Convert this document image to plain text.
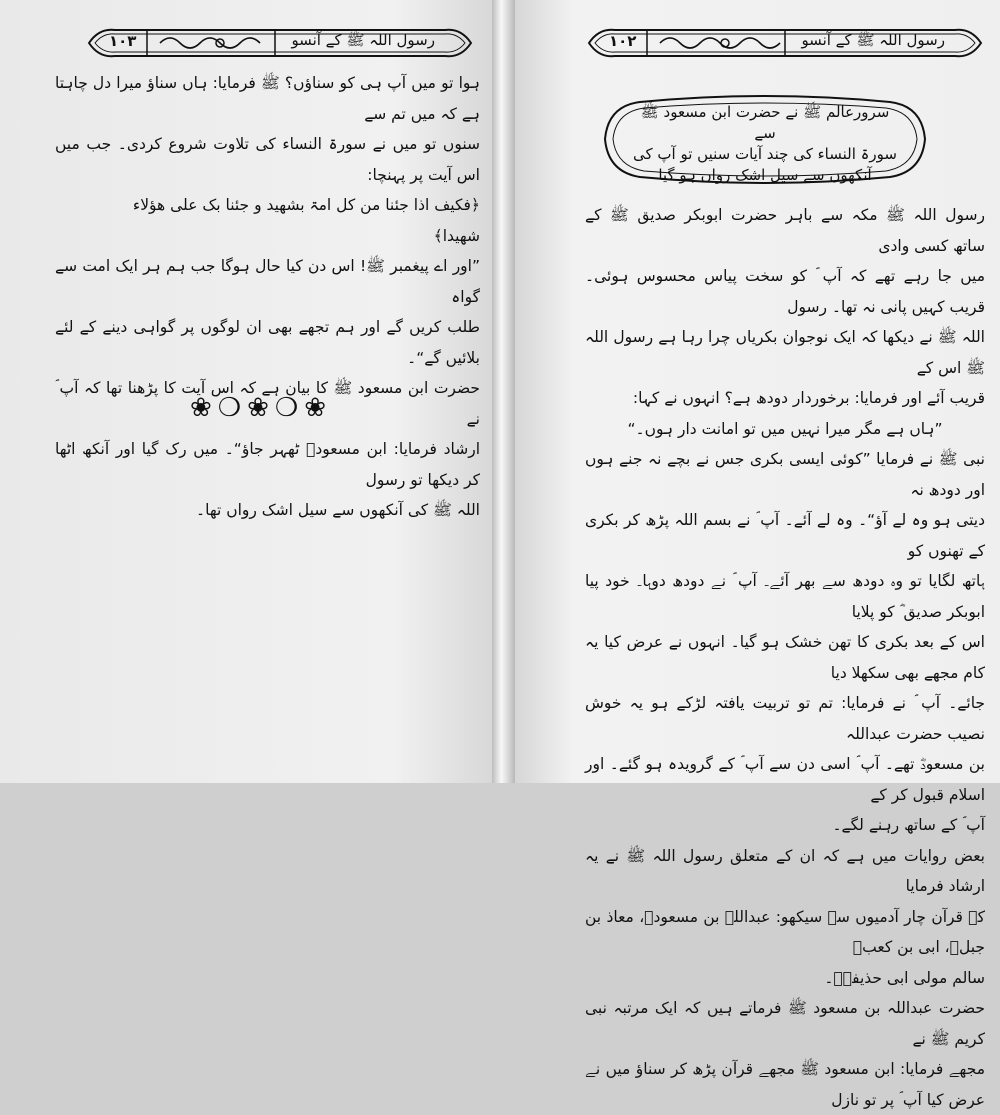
رسول اللہ ﷺ کے آنسو
۱۰۳

ہوا تو میں آپ ہی کو سناؤں؟ ﷺ فرمایا: ہاں سناؤ میرا دل چاہتا ہے کہ میں تم سے

سنوں تو میں نے سورۃ النساء کی تلاوت شروع کردی۔ جب میں اس آیت پر پہنچا:

﴿فکیف اذا جئنا من کل امۃ بشھید و جئنا بک علی ھؤلاء

شھیدا﴾

”اور اے پیغمبر ﷺ! اس دن کیا حال ہوگا جب ہم ہر ایک امت سے گواہ

طلب کریں گے اور ہم تجھے بھی ان لوگوں پر گواہی دینے کے لئے بلائیں گے“۔

حضرت ابن مسعود ﷺ کا بیان ہے کہ اس آیت کا پڑھنا تھا کہ آپ ؐ نے

ارشاد فرمایا: ابن مسعودؓ ٹھہر جاؤ“۔ میں رک گیا اور آنکھ اٹھا کر دیکھا تو رسول

اللہ ﷺ کی آنکھوں سے سیل اشک رواں تھا۔

❀❍❀❍❀
رسول اللہ ﷺ کے آنسو
۱۰۲
سرورعالم ﷺ نے حضرت ابن مسعود ﷺ سے
سورۃ النساء کی چند آیات سنیں تو آپ کی
آنکھوں سے سیل اشک رواں ہو گیا

رسول اللہ ﷺ مکہ سے باہر حضرت ابوبکر صدیق ﷺ کے ساتھ کسی وادی

میں جا رہے تھے کہ آپ ؐ کو سخت پیاس محسوس ہوئی۔ قریب کہیں پانی نہ تھا۔ رسول

اللہ ﷺ نے دیکھا کہ ایک نوجوان بکریاں چرا رہا ہے رسول اللہ ﷺ اس کے

قریب آئے اور فرمایا: برخوردار دودھ ہے؟ انہوں نے کہا:

”ہاں ہے مگر میرا نہیں میں تو امانت دار ہوں۔“

نبی ﷺ نے فرمایا ”کوئی ایسی بکری جس نے بچے نہ جنے ہوں اور دودھ نہ

دیتی ہو وہ لے آؤ“۔ وہ لے آئے۔ آپ ؐ نے بسم اللہ پڑھ کر بکری کے تھنوں کو

ہاتھ لگایا تو وہ دودھ سے بھر آئے۔ آپ ؐ نے دودھ دوہا۔ خود پیا ابوبکر صدیق ؓ کو پلایا

اس کے بعد بکری کا تھن خشک ہو گیا۔ انہوں نے عرض کیا یہ کام مجھے بھی سکھلا دیا

جائے۔ آپ ؐ نے فرمایا: تم تو تربیت یافتہ لڑکے ہو یہ خوش نصیب حضرت عبداللہ

بن مسعودؓ تھے۔ آپ ؐ اسی دن سے آپ ؐ کے گرویدہ ہو گئے۔ اور اسلام قبول کر کے

آپ ؐ کے ساتھ رہنے لگے۔

بعض روایات میں ہے کہ ان کے متعلق رسول اللہ ﷺ نے یہ ارشاد فرمایا

کہ قرآن چار آدمیوں سے سیکھو: عبداللہ بن مسعودؓ، معاذ بن جبلؓ، ابی بن کعبؓ

سالم مولی ابی حذیفہؓ۔

حضرت عبداللہ بن مسعود ﷺ فرماتے ہیں کہ ایک مرتبہ نبی کریم ﷺ نے

مجھے فرمایا: ابن مسعود ﷺ مجھے قرآن پڑھ کر سناؤ میں نے عرض کیا آپ ؐ پر تو نازل
